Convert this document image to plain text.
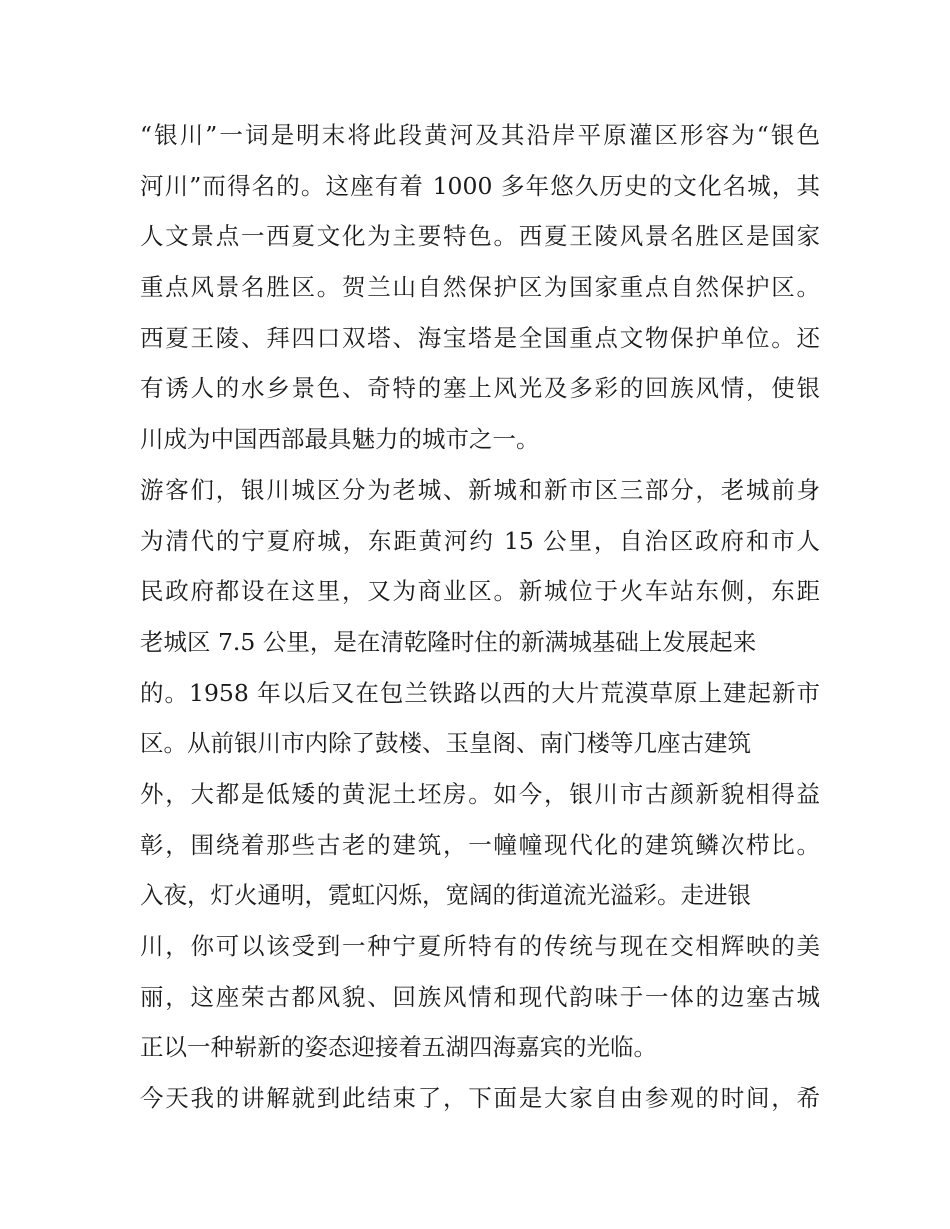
“银川”一词是明末将此段黄河及其沿岸平原灌区形容为“银色
河川”而得名的。这座有着 1000 多年悠久历史的文化名城，其
人文景点一西夏文化为主要特色。西夏王陵风景名胜区是国家
重点风景名胜区。贺兰山自然保护区为国家重点自然保护区。
西夏王陵、拜四口双塔、海宝塔是全国重点文物保护单位。还
有诱人的水乡景色、奇特的塞上风光及多彩的回族风情，使银
川成为中国西部最具魅力的城市之一。
游客们，银川城区分为老城、新城和新市区三部分，老城前身
为清代的宁夏府城，东距黄河约 15 公里，自治区政府和市人
民政府都设在这里，又为商业区。新城位于火车站东侧，东距
老城区 7.5 公里，是在清乾隆时住的新满城基础上发展起来
的。1958 年以后又在包兰铁路以西的大片荒漠草原上建起新市
区。从前银川市内除了鼓楼、玉皇阁、南门楼等几座古建筑
外，大都是低矮的黄泥土坯房。如今，银川市古颜新貌相得益
彰，围绕着那些古老的建筑，一幢幢现代化的建筑鳞次栉比。
入夜，灯火通明，霓虹闪烁，宽阔的街道流光溢彩。走进银
川，你可以该受到一种宁夏所特有的传统与现在交相辉映的美
丽，这座荣古都风貌、回族风情和现代韵味于一体的边塞古城
正以一种崭新的姿态迎接着五湖四海嘉宾的光临。
今天我的讲解就到此结束了，下面是大家自由参观的时间，希
